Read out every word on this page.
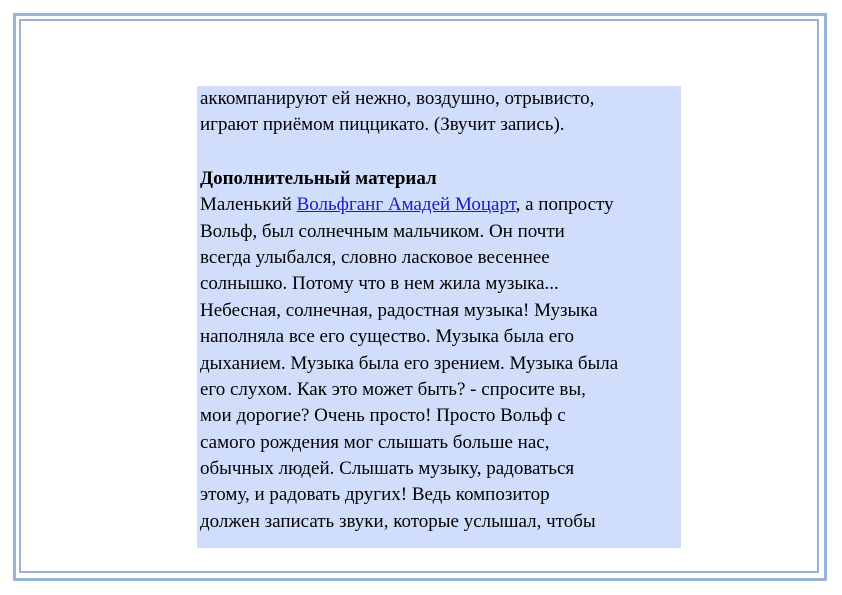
аккомпанируют ей нежно, воздушно, отрывисто,
играют приёмом пиццикато. (Звучит запись).
Дополнительный материал
Маленький Вольфганг Амадей Моцарт, а попросту
Вольф, был солнечным мальчиком. Он почти
всегда улыбался, словно ласковое весеннее
солнышко. Потому что в нем жила музыка...
Небесная, солнечная, радостная музыка! Музыка
наполняла все его существо. Музыка была его
дыханием. Музыка была его зрением. Музыка была
его слухом. Как это может быть? - спросите вы,
мои дорогие? Очень просто! Просто Вольф с
самого рождения мог слышать больше нас,
обычных людей. Слышать музыку, радоваться
этому, и радовать других! Ведь композитор
должен записать звуки, которые услышал, чтобы
